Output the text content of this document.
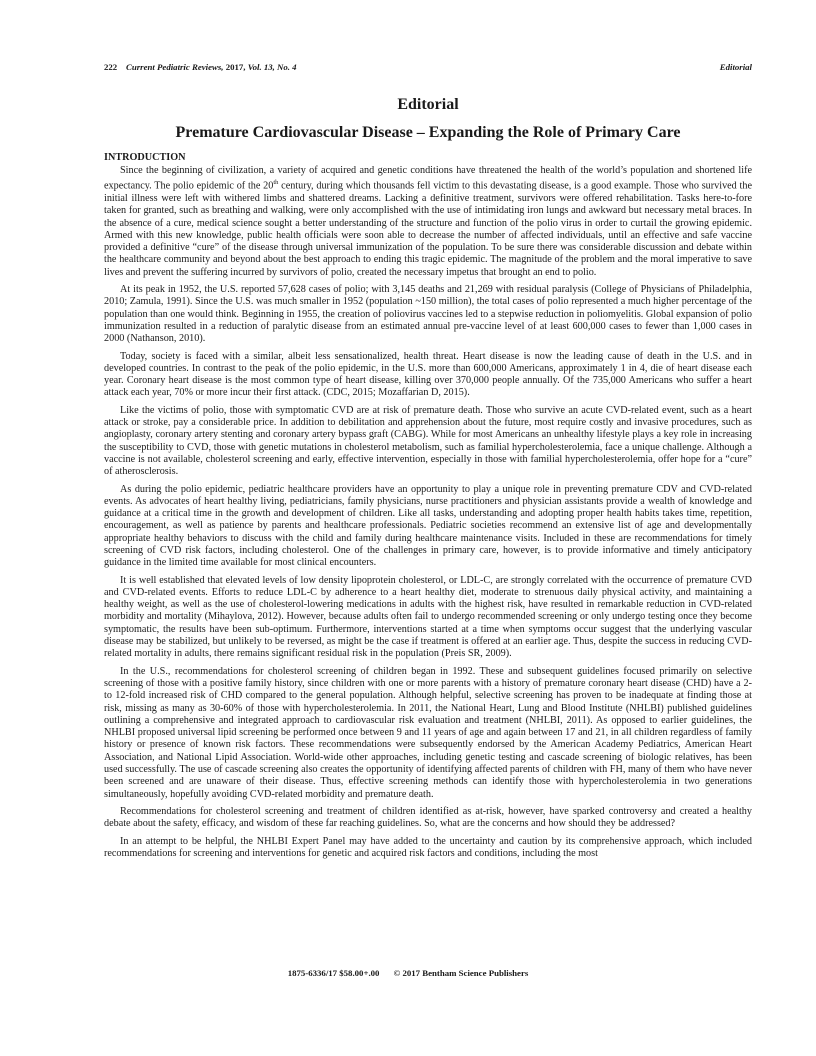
222 Current Pediatric Reviews, 2017, Vol. 13, No. 4	Editorial
Editorial
Premature Cardiovascular Disease – Expanding the Role of Primary Care
INTRODUCTION

Since the beginning of civilization, a variety of acquired and genetic conditions have threatened the health of the world’s population and shortened life expectancy. The polio epidemic of the 20th century, during which thousands fell victim to this devastating disease, is a good example. Those who survived the initial illness were left with withered limbs and shattered dreams. Lacking a definitive treatment, survivors were offered rehabilitation. Tasks here-to-fore taken for granted, such as breathing and walking, were only accomplished with the use of intimidating iron lungs and awkward but necessary metal braces. In the absence of a cure, medical science sought a better understanding of the structure and function of the polio virus in order to curtail the growing epidemic. Armed with this new knowledge, public health officials were soon able to decrease the number of affected individuals, until an effective and safe vaccine provided a definitive “cure” of the disease through universal immunization of the population. To be sure there was considerable discussion and debate within the healthcare community and beyond about the best approach to ending this tragic epidemic. The magnitude of the problem and the moral imperative to save lives and prevent the suffering incurred by survivors of polio, created the necessary impetus that brought an end to polio.

At its peak in 1952, the U.S. reported 57,628 cases of polio; with 3,145 deaths and 21,269 with residual paralysis (College of Physicians of Philadelphia, 2010; Zamula, 1991). Since the U.S. was much smaller in 1952 (population ~150 million), the total cases of polio represented a much higher percentage of the population than one would think. Beginning in 1955, the creation of poliovirus vaccines led to a stepwise reduction in poliomyelitis. Global expansion of polio immunization resulted in a reduction of paralytic disease from an estimated annual pre-vaccine level of at least 600,000 cases to fewer than 1,000 cases in 2000 (Nathanson, 2010).

Today, society is faced with a similar, albeit less sensationalized, health threat. Heart disease is now the leading cause of death in the U.S. and in developed countries. In contrast to the peak of the polio epidemic, in the U.S. more than 600,000 Americans, approximately 1 in 4, die of heart disease each year. Coronary heart disease is the most common type of heart disease, killing over 370,000 people annually. Of the 735,000 Americans who suffer a heart attack each year, 70% or more incur their first attack. (CDC, 2015; Mozaffarian D, 2015).

Like the victims of polio, those with symptomatic CVD are at risk of premature death. Those who survive an acute CVD-related event, such as a heart attack or stroke, pay a considerable price. In addition to debilitation and apprehension about the future, most require costly and invasive procedures, such as angioplasty, coronary artery stenting and coronary artery bypass graft (CABG). While for most Americans an unhealthy lifestyle plays a key role in increasing the susceptibility to CVD, those with genetic mutations in cholesterol metabolism, such as familial hypercholesterolemia, face a unique challenge. Although a vaccine is not available, cholesterol screening and early, effective intervention, especially in those with familial hypercholesterolemia, offer hope for a “cure” of atherosclerosis.

As during the polio epidemic, pediatric healthcare providers have an opportunity to play a unique role in preventing premature CDV and CVD-related events. As advocates of heart healthy living, pediatricians, family physicians, nurse practitioners and physician assistants provide a wealth of knowledge and guidance at a critical time in the growth and development of children. Like all tasks, understanding and adopting proper health habits takes time, repetition, encouragement, as well as patience by parents and healthcare professionals. Pediatric societies recommend an extensive list of age and developmentally appropriate healthy behaviors to discuss with the child and family during healthcare maintenance visits. Included in these are recommendations for timely screening of CVD risk factors, including cholesterol. One of the challenges in primary care, however, is to provide informative and timely anticipatory guidance in the limited time available for most clinical encounters.

It is well established that elevated levels of low density lipoprotein cholesterol, or LDL-C, are strongly correlated with the occurrence of premature CVD and CVD-related events. Efforts to reduce LDL-C by adherence to a heart healthy diet, moderate to strenuous daily physical activity, and maintaining a healthy weight, as well as the use of cholesterol-lowering medications in adults with the highest risk, have resulted in remarkable reduction in CVD-related morbidity and mortality (Mihaylova, 2012). However, because adults often fail to undergo recommended screening or only undergo testing once they become symptomatic, the results have been sub-optimum. Furthermore, interventions started at a time when symptoms occur suggest that the underlying vascular disease may be stabilized, but unlikely to be reversed, as might be the case if treatment is offered at an earlier age. Thus, despite the success in reducing CVD-related mortality in adults, there remains significant residual risk in the population (Preis SR, 2009).

In the U.S., recommendations for cholesterol screening of children began in 1992. These and subsequent guidelines focused primarily on selective screening of those with a positive family history, since children with one or more parents with a history of premature coronary heart disease (CHD) have a 2- to 12-fold increased risk of CHD compared to the general population. Although helpful, selective screening has proven to be inadequate at finding those at risk, missing as many as 30-60% of those with hypercholesterolemia. In 2011, the National Heart, Lung and Blood Institute (NHLBI) published guidelines outlining a comprehensive and integrated approach to cardiovascular risk evaluation and treatment (NHLBI, 2011). As opposed to earlier guidelines, the NHLBI proposed universal lipid screening be performed once between 9 and 11 years of age and again between 17 and 21, in all children regardless of family history or presence of known risk factors. These recommendations were subsequently endorsed by the American Academy Pediatrics, American Heart Association, and National Lipid Association. World-wide other approaches, including genetic testing and cascade screening of biologic relatives, has been used successfully. The use of cascade screening also creates the opportunity of identifying affected parents of children with FH, many of them who have never been screened and are unaware of their disease. Thus, effective screening methods can identify those with hypercholesterolemia in two generations simultaneously, hopefully avoiding CVD-related morbidity and premature death.

Recommendations for cholesterol screening and treatment of children identified as at-risk, however, have sparked controversy and created a healthy debate about the safety, efficacy, and wisdom of these far reaching guidelines. So, what are the concerns and how should they be addressed?

In an attempt to be helpful, the NHLBI Expert Panel may have added to the uncertainty and caution by its comprehensive approach, which included recommendations for screening and interventions for genetic and acquired risk factors and conditions, including the most

1875-6336/17 $58.00+.00 © 2017 Bentham Science Publishers
